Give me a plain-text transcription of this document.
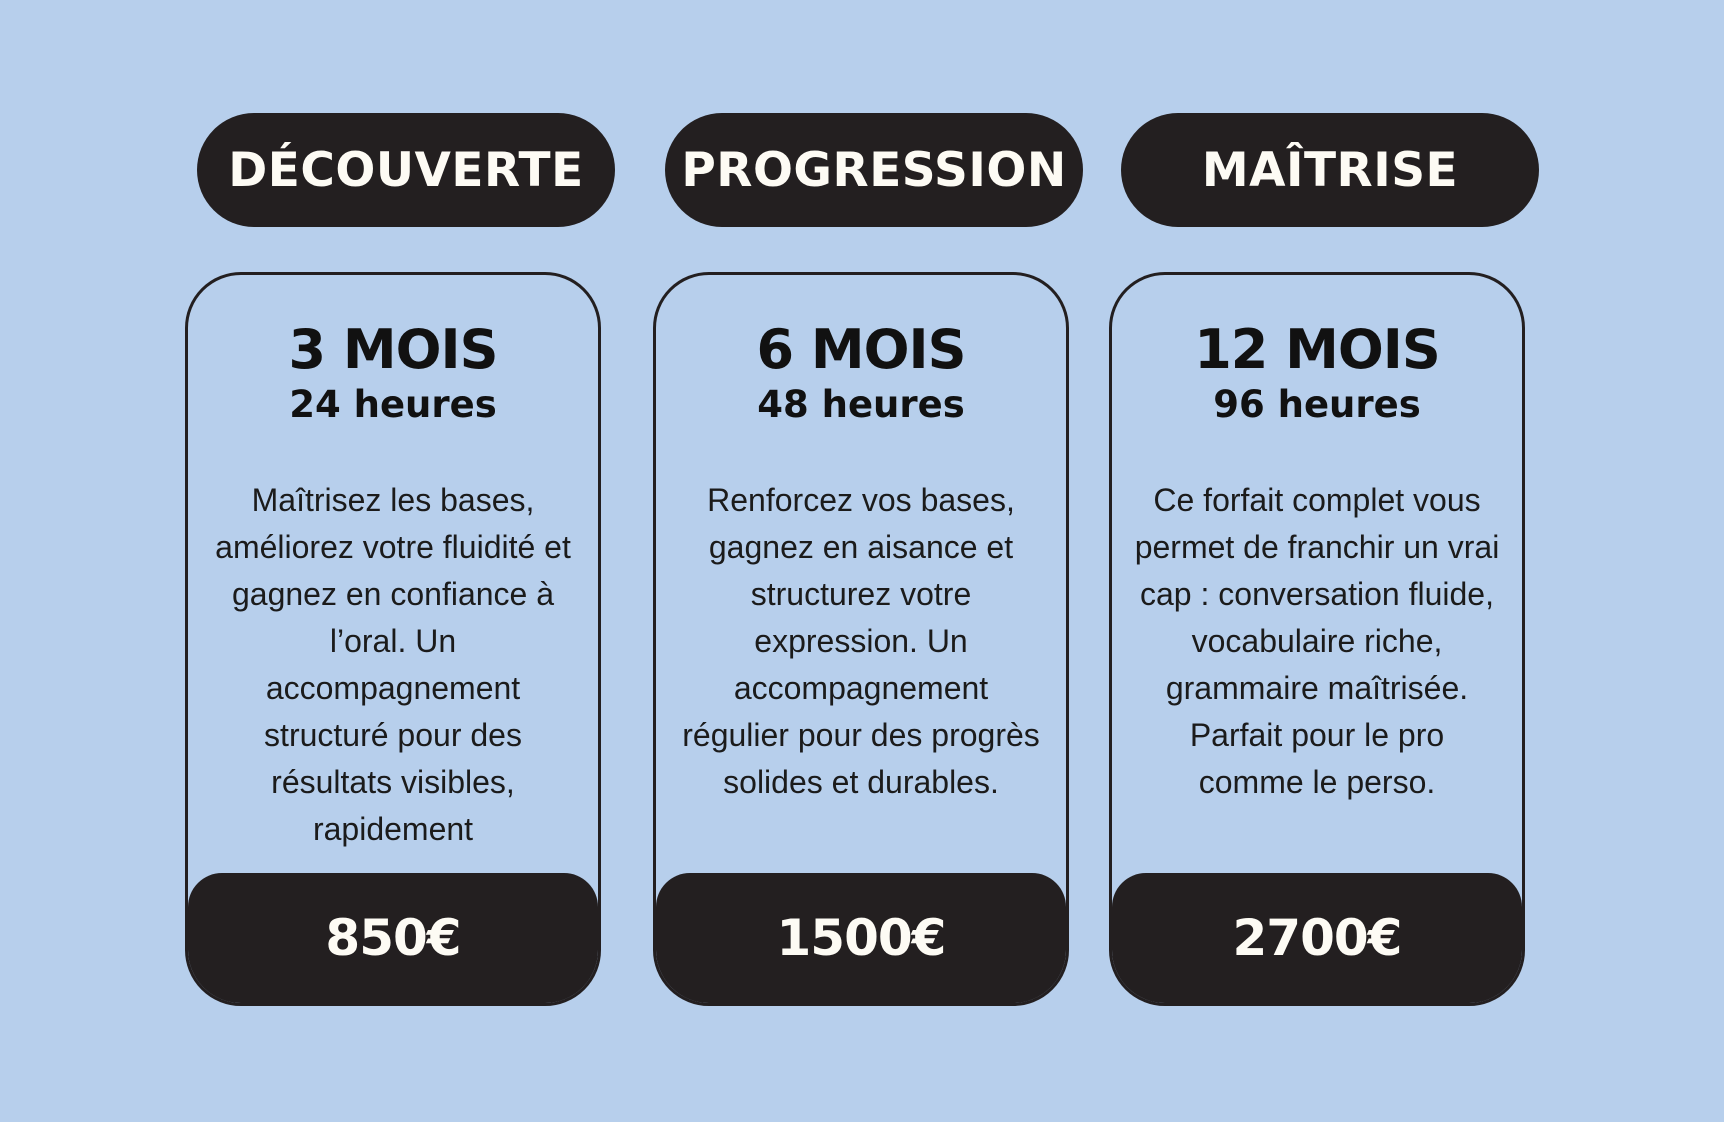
DÉCOUVERTE
3 MOIS
24 heures
Maîtrisez les bases, améliorez votre fluidité et gagnez en confiance à l’oral. Un accompagnement structuré pour des résultats visibles, rapidement
850€
PROGRESSION
6 MOIS
48 heures
Renforcez vos bases, gagnez en aisance et structurez votre expression. Un accompagnement régulier pour des progrès solides et durables.
1500€
MAÎTRISE
12 MOIS
96 heures
Ce forfait complet vous permet de franchir un vrai cap : conversation fluide, vocabulaire riche, grammaire maîtrisée. Parfait pour le pro comme le perso.
2700€
